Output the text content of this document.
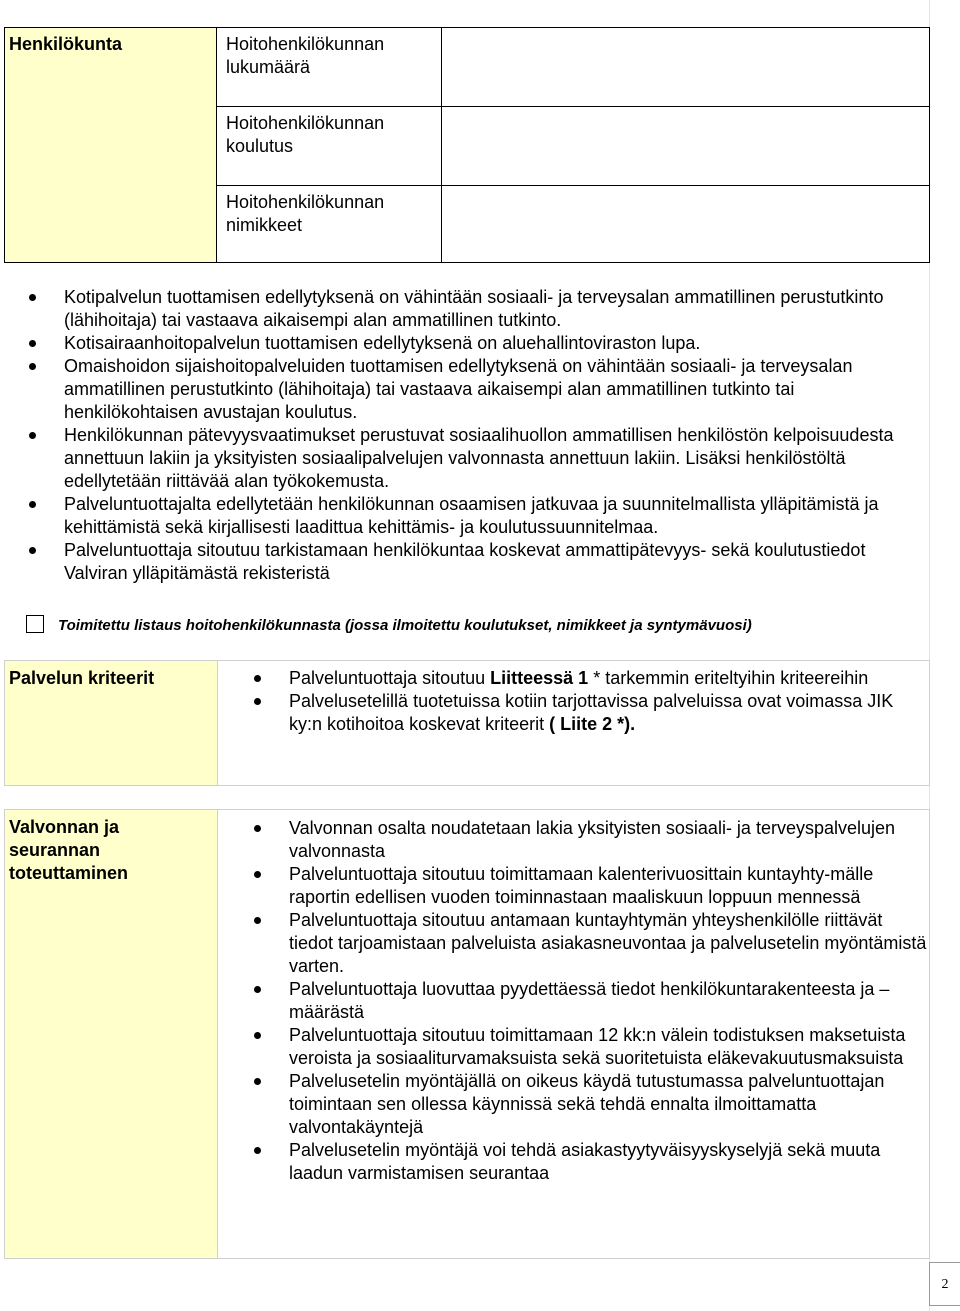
Henkilökunta	Hoitohenkilökunnan lukumäärä
Hoitohenkilökunnan koulutus
Hoitohenkilökunnan nimikkeet
Kotipalvelun tuottamisen edellytyksenä on vähintään sosiaali- ja terveysalan ammatillinen perustutkinto (lähihoitaja) tai vastaava aikaisempi alan ammatillinen tutkinto.
Kotisairaanhoitopalvelun tuottamisen edellytyksenä on aluehallintoviraston lupa.
Omaishoidon sijaishoitopalveluiden tuottamisen edellytyksenä on vähintään sosiaali- ja terveysalan ammatillinen perustutkinto (lähihoitaja) tai vastaava aikaisempi alan ammatillinen tutkinto tai henkilökohtaisen avustajan koulutus.
Henkilökunnan pätevyysvaatimukset perustuvat sosiaalihuollon ammatillisen henkilöstön kelpoisuudesta annettuun lakiin ja yksityisten sosiaalipalvelujen valvonnasta annettuun lakiin. Lisäksi henkilöstöltä edellytetään riittävää alan työkokemusta.
Palveluntuottajalta edellytetään henkilökunnan osaamisen jatkuvaa ja suunnitelmallista ylläpitämistä ja kehittämistä sekä kirjallisesti laadittua kehittämis- ja koulutussuunnitelmaa.
Palveluntuottaja sitoutuu tarkistamaan henkilökuntaa koskevat ammattipätevyys- sekä koulutustiedot Valviran ylläpitämästä rekisteristä
Toimitettu listaus hoitohenkilökunnasta (jossa ilmoitettu koulutukset, nimikkeet ja syntymävuosi)
Palvelun kriteerit	Palveluntuottaja sitoutuu Liitteessä 1 * tarkemmin eriteltyihin kriteereihin
Palvelusetelillä tuotetuissa kotiin tarjottavissa palveluissa ovat voimassa JIK ky:n kotihoitoa koskevat kriteerit ( Liite 2 *).
Valvonnan ja seurannan toteuttaminen
Valvonnan osalta noudatetaan lakia yksityisten sosiaali- ja terveyspalvelujen valvonnasta
Palveluntuottaja sitoutuu toimittamaan kalenterivuosittain kuntayhty-mälle raportin edellisen vuoden toiminnastaan maaliskuun loppuun mennessä
Palveluntuottaja sitoutuu antamaan kuntayhtymän yhteyshenkilölle riittävät tiedot tarjoamistaan palveluista asiakasneuvontaa ja palvelusetelin myöntämistä varten.
Palveluntuottaja luovuttaa pyydettäessä tiedot henkilökuntarakenteesta ja – määrästä
Palveluntuottaja sitoutuu toimittamaan 12 kk:n välein todistuksen maksetuista veroista ja sosiaaliturvamaksuista sekä suoritetuista eläkevakuutusmaksuista
Palvelusetelin myöntäjällä on oikeus käydä tutustumassa palveluntuottajan toimintaan sen ollessa käynnissä sekä tehdä ennalta ilmoittamatta valvontakäyntejä
Palvelusetelin myöntäjä voi tehdä asiakastyytyväisyyskyselyjä sekä muuta laadun varmistamisen seurantaa
2
